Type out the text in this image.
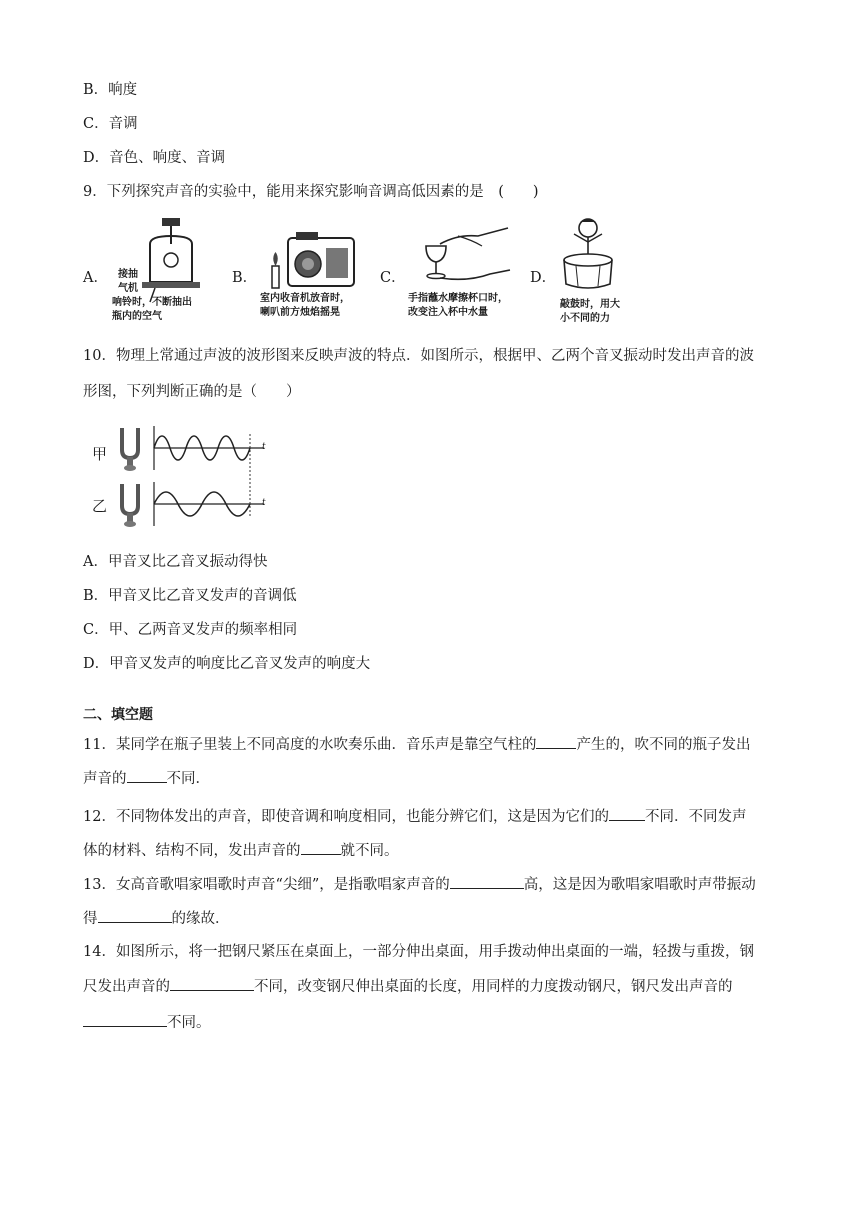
B．响度
C．音调
D．音色、响度、音调
9．下列探究声音的实验中，能用来探究影响音调高低因素的是　(　　)
A． 接抽
气机
响铃时，不断抽出
瓶内的空气
B．
室内收音机放音时，
喇叭前方烛焰摇晃
C．
手指蘸水摩擦杯口时，
改变注入杯中水量
D．
敲鼓时，用大
小不同的力
10．物理上常通过声波的波形图来反映声波的特点．如图所示，根据甲、乙两个音叉振动时发出声音的波
形图，下列判断正确的是（　　）
甲
乙
t
t
A．甲音叉比乙音叉振动得快
B．甲音叉比乙音叉发声的音调低
C．甲、乙两音叉发声的频率相同
D．甲音叉发声的响度比乙音叉发声的响度大
二、填空题
11．某同学在瓶子里装上不同高度的水吹奏乐曲．音乐声是靠空气柱的	产生的，吹不同的瓶子发出
声音的	不同．
12．不同物体发出的声音，即使音调和响度相同，也能分辨它们，这是因为它们的 不同．不同发声
体的材料、结构不同，发出声音的	就不同。
13．女高音歌唱家唱歌时声音“尖细”，是指歌唱家声音的	高，这是因为歌唱家唱歌时声带振动
得	的缘故．
14．如图所示，将一把钢尺紧压在桌面上，一部分伸出桌面，用手拨动伸出桌面的一端，轻拨与重拨，钢
尺发出声音的	不同，改变钢尺伸出桌面的长度，用同样的力度拨动钢尺，钢尺发出声音的
不同。
